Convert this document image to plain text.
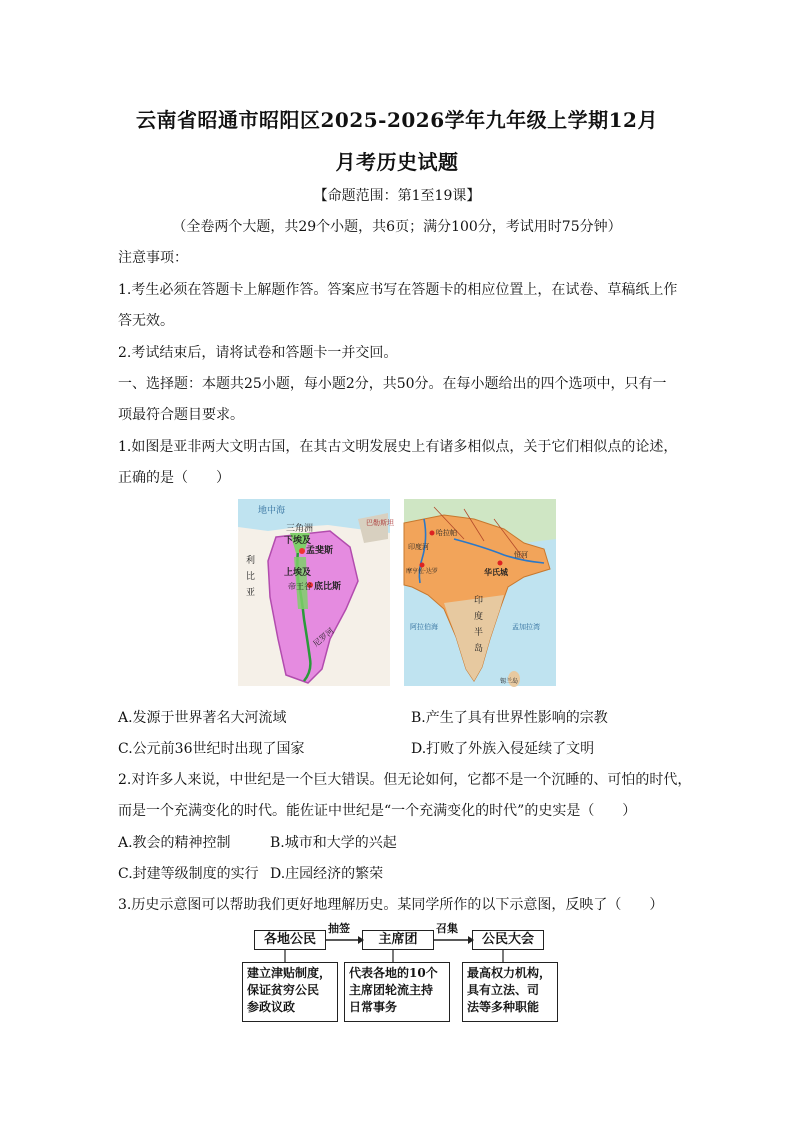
云南省昭通市昭阳区2025-2026学年九年级上学期12月
月考历史试题
【命题范围：第1至19课】
（全卷两个大题，共29个小题，共6页；满分100分，考试用时75分钟）
注意事项：
1.考生必须在答题卡上解题作答。答案应书写在答题卡的相应位置上，在试卷、草稿纸上作
答无效。
2.考试结束后，请将试卷和答题卡一并交回。
一、选择题：本题共25小题，每小题2分，共50分。在每小题给出的四个选项中，只有一
项最符合题目要求。
1.如图是亚非两大文明古国，在其古文明发展史上有诸多相似点，关于它们相似点的论述，
正确的是（　　）
地中海
三角洲
下埃及
孟斐斯
上埃及
帝王谷 底比斯
利
比
亚
尼罗河
巴勒斯坦
哈拉帕
印度河
摩亨佐·达罗	华氏城
恒河
印
度
半
岛
阿拉伯海	孟加拉湾
锡兰岛
A.发源于世界著名大河流域	B.产生了具有世界性影响的宗教
C.公元前36世纪时出现了国家	D.打败了外族入侵延续了文明
2.对许多人来说，中世纪是一个巨大错误。但无论如何，它都不是一个沉睡的、可怕的时代，
而是一个充满变化的时代。能佐证中世纪是“一个充满变化的时代”的史实是（　　）
A.教会的精神控制	B.城市和大学的兴起
C.封建等级制度的实行 D.庄园经济的繁荣
3.历史示意图可以帮助我们更好地理解历史。某同学所作的以下示意图，反映了（　　）
各地公民	主席团	公民大会
抽签	召集
建立津贴制度，
保证贫穷公民
参政议政
代表各地的10个
主席团轮流主持
日常事务
最高权力机构，
具有立法、司
法等多种职能
